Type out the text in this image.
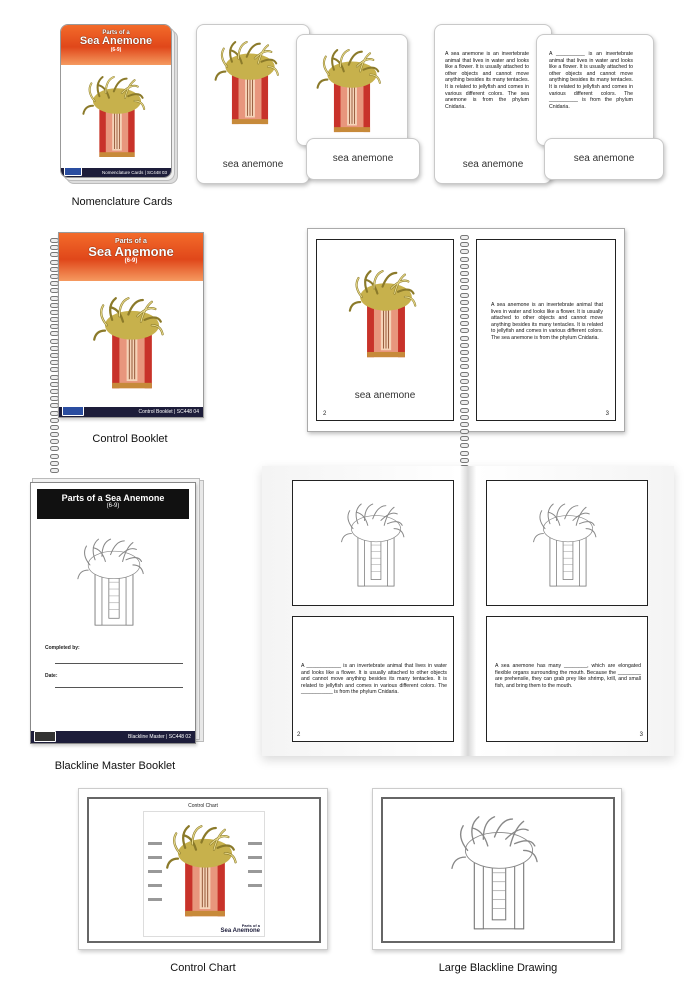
Parts of a
Sea Anemone
(6-9)
Nomenclature Cards | SC448 03
Nomenclature Cards
sea anemone
sea anemone
A sea anemone is an invertebrate animal that lives in water and looks like a flower. It is usually attached to other objects and cannot move anything besides its many tentacles. It is related to jellyfish and comes in various different colors. The sea anemone is from the phylum Cnidaria.
sea anemone
A __________ is an invertebrate animal that lives in water and looks like a flower. It is usually attached to other objects and cannot move anything besides its many tentacles. It is related to jellyfish and comes in various different colors. The __________ is from the phylum Cnidaria.
sea anemone
Parts of a
Sea Anemone
(6-9)
Control Booklet | SC448 04
Control Booklet
sea anemone
2
A sea anemone is an invertebrate animal that lives in water and looks like a flower. It is usually attached to other objects and cannot move anything besides its many tentacles. It is related to jellyfish and comes in various different colors. The sea anemone is from the phylum Cnidaria.
3
Parts of a Sea Anemone
(6-9)
Completed by:
Date:
Blackline Master | SC448 02
Blackline Master Booklet
A ____________ is an invertebrate animal that lives in water and looks like a flower. It is usually attached to other objects and cannot move anything besides its many tentacles. It is related to jellyfish and comes in various different colors. The ___________ is from the phylum Cnidaria.
2
A sea anemone has many ________, which are elongated flexible organs surrounding the mouth. Because the ________ are prehensile, they can grab prey like shrimp, krill, and small fish, and bring them to the mouth.
3
Control Chart
Parts of a
Sea Anemone
Control Chart	Large Blackline Drawing
